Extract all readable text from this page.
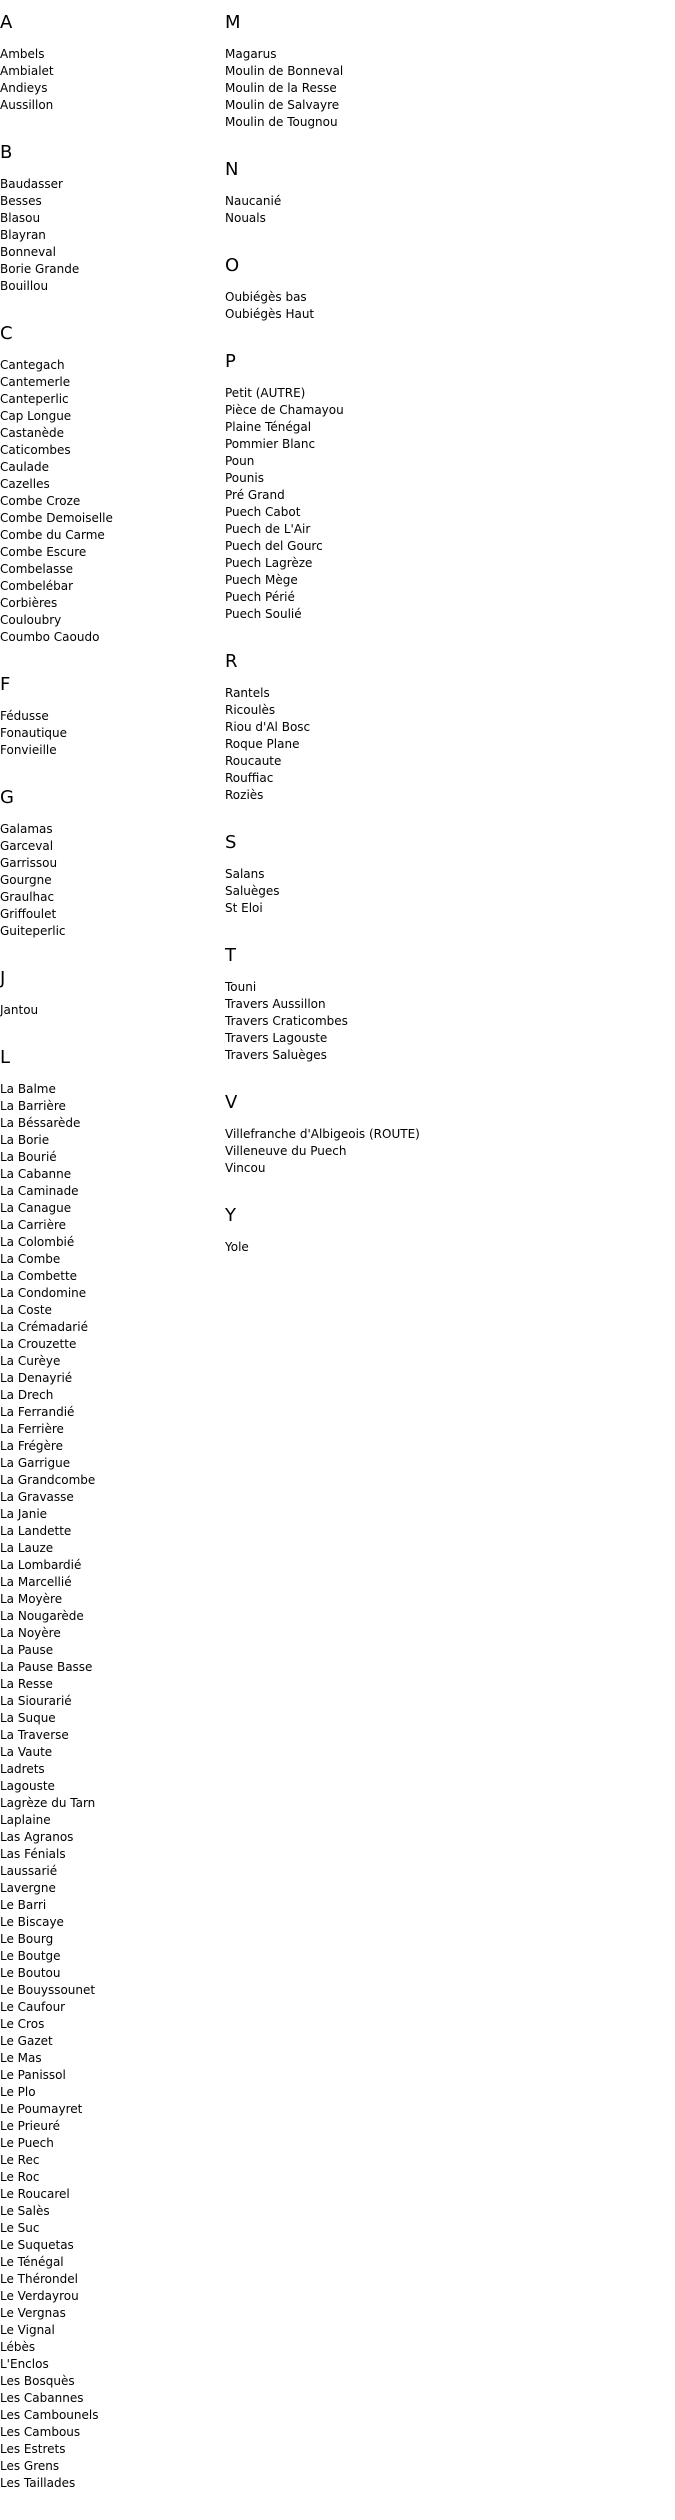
A
Ambels
Ambialet
Andieys
Aussillon
B
Baudasser
Besses
Blasou
Blayran
Bonneval
Borie Grande
Bouillou
C
Cantegach
Cantemerle
Canteperlic
Cap Longue
Castanède
Caticombes
Caulade
Cazelles
Combe Croze
Combe Demoiselle
Combe du Carme
Combe Escure
Combelasse
Combelébar
Corbières
Couloubry
Coumbo Caoudo
F
Fédusse
Fonautique
Fonvieille
G
Galamas
Garceval
Garrissou
Gourgne
Graulhac
Griffoulet
Guiteperlic
J
Jantou
L
La Balme
La Barrière
La Béssarède
La Borie
La Bourié
La Cabanne
La Caminade
La Canague
La Carrière
La Colombié
La Combe
La Combette
La Condomine
La Coste
La Crémadarié
La Crouzette
La Curèye
La Denayrié
La Drech
La Ferrandié
La Ferrière
La Frégère
La Garrigue
La Grandcombe
La Gravasse
La Janie
La Landette
La Lauze
La Lombardié
La Marcellié
La Moyère
La Nougarède
La Noyère
La Pause
La Pause Basse
La Resse
La Siourarié
La Suque
La Traverse
La Vaute
Ladrets
Lagouste
Lagrèze du Tarn
Laplaine
Las Agranos
Las Fénials
Laussarié
Lavergne
Le Barri
Le Biscaye
Le Bourg
Le Boutge
Le Boutou
Le Bouyssounet
Le Caufour
Le Cros
Le Gazet
Le Mas
Le Panissol
Le Plo
Le Poumayret
Le Prieuré
Le Puech
Le Rec
Le Roc
Le Roucarel
Le Salès
Le Suc
Le Suquetas
Le Ténégal
Le Thérondel
Le Verdayrou
Le Vergnas
Le Vignal
Lébès
L'Enclos
Les Bosquès
Les Cabannes
Les Cambounels
Les Cambous
Les Estrets
Les Grens
Les Taillades
M
Magarus
Moulin de Bonneval
Moulin de la Resse
Moulin de Salvayre
Moulin de Tougnou
N
Naucanié
Nouals
O
Oubiégès bas
Oubiégès Haut
P
Petit (AUTRE)
Pièce de Chamayou
Plaine Ténégal
Pommier Blanc
Poun
Pounis
Pré Grand
Puech Cabot
Puech de L'Air
Puech del Gourc
Puech Lagrèze
Puech Mège
Puech Périé
Puech Soulié
R
Rantels
Ricoulès
Riou d'Al Bosc
Roque Plane
Roucaute
Rouffiac
Roziès
S
Salans
Saluèges
St Eloi
T
Touni
Travers Aussillon
Travers Craticombes
Travers Lagouste
Travers Saluèges
V
Villefranche d'Albigeois (ROUTE)
Villeneuve du Puech
Vincou
Y
Yole
